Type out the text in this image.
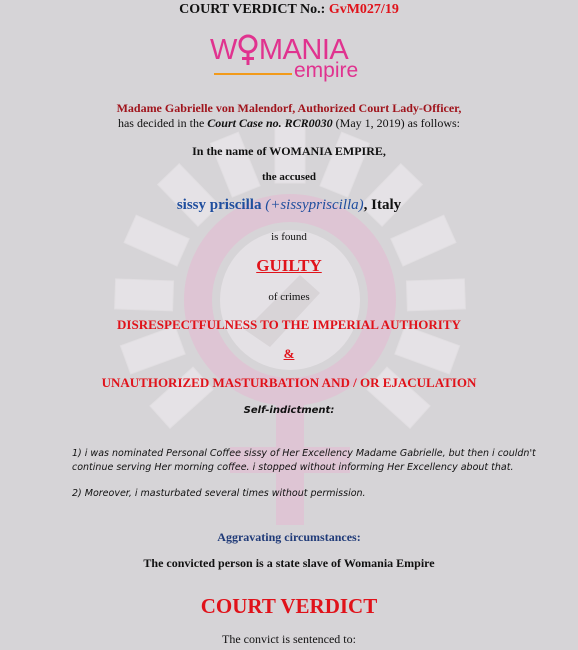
COURT VERDICT No.: GvM027/19
W MANIA
empire
Madame Gabrielle von Malendorf, Authorized Court Lady-Officer,
has decided in the Court Case no. RCR0030 (May 1, 2019) as follows:
In the name of WOMANIA EMPIRE,
the accused
sissy priscilla (+sissypriscilla), Italy
is found
GUILTY
of crimes
DISRESPECTFULNESS TO THE IMPERIAL AUTHORITY
&
UNAUTHORIZED MASTURBATION AND / OR EJACULATION
Self-indictment:
1) i was nominated Personal Coffee sissy of Her Excellency Madame Gabrielle, but then i couldn't
continue serving Her morning coffee. i stopped without informing Her Excellency about that.
2) Moreover, i masturbated several times without permission.
Aggravating circumstances:
The convicted person is a state slave of Womania Empire
COURT VERDICT
The convict is sentenced to:
